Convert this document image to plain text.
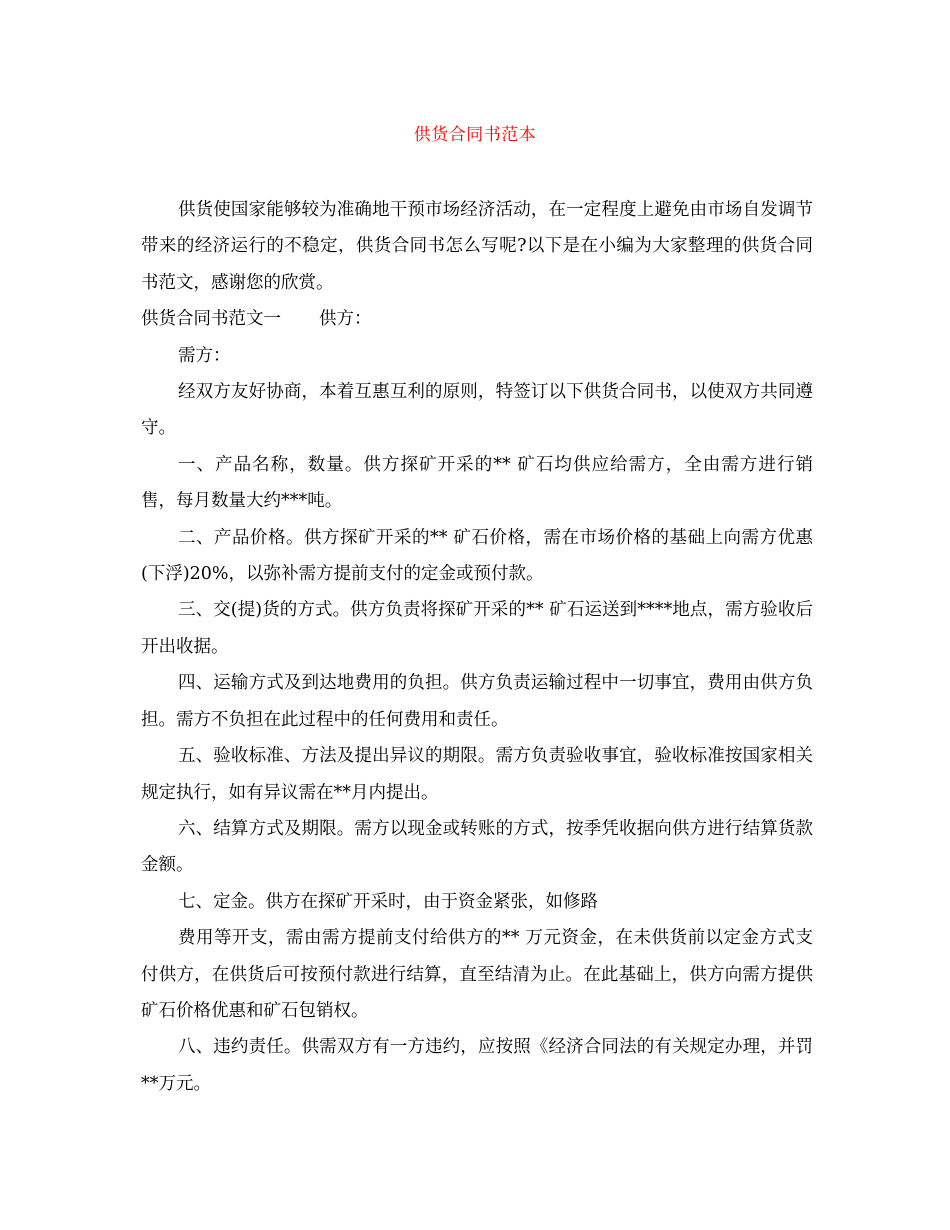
供货合同书范本

供货使国家能够较为准确地干预市场经济活动，在一定程度上避免由市场自发调节带来的经济运行的不稳定，供货合同书怎么写呢?以下是在小编为大家整理的供货合同书范文，感谢您的欣赏。

供货合同书范文一 供方：

需方：

经双方友好协商，本着互惠互利的原则，特签订以下供货合同书，以使双方共同遵守。

一、产品名称，数量。供方探矿开采的** 矿石均供应给需方，全由需方进行销售，每月数量大约***吨。

二、产品价格。供方探矿开采的** 矿石价格，需在市场价格的基础上向需方优惠(下浮)20%，以弥补需方提前支付的定金或预付款。

三、交(提)货的方式。供方负责将探矿开采的** 矿石运送到****地点，需方验收后开出收据。

四、运输方式及到达地费用的负担。供方负责运输过程中一切事宜，费用由供方负担。需方不负担在此过程中的任何费用和责任。

五、验收标准、方法及提出异议的期限。需方负责验收事宜，验收标准按国家相关规定执行，如有异议需在**月内提出。

六、结算方式及期限。需方以现金或转账的方式，按季凭收据向供方进行结算货款金额。

七、定金。供方在探矿开采时，由于资金紧张，如修路

费用等开支，需由需方提前支付给供方的** 万元资金，在未供货前以定金方式支付供方，在供货后可按预付款进行结算，直至结清为止。在此基础上，供方向需方提供矿石价格优惠和矿石包销权。

八、违约责任。供需双方有一方违约，应按照《经济合同法的有关规定办理，并罚**万元。
